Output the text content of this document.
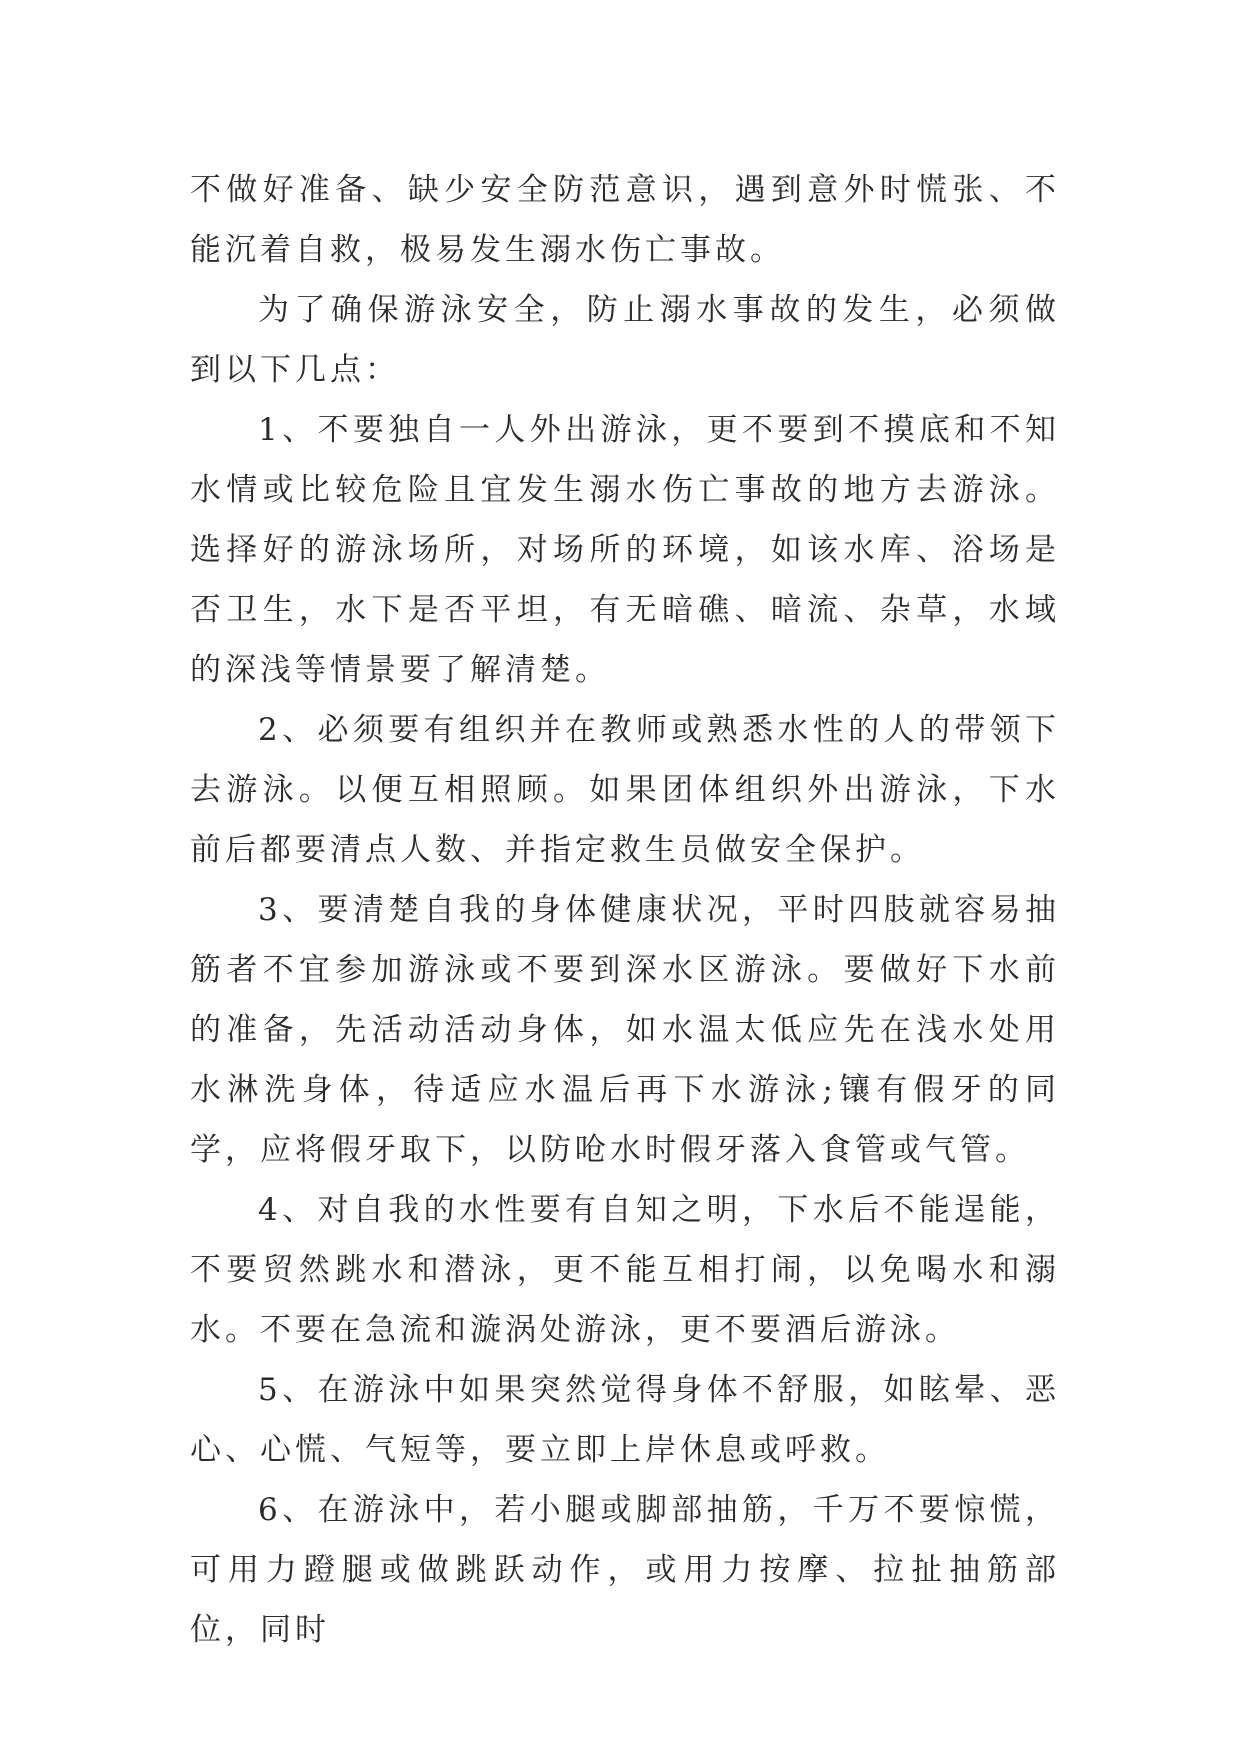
不做好准备、缺少安全防范意识，遇到意外时慌张、不能沉着自救，极易发生溺水伤亡事故。

为了确保游泳安全，防止溺水事故的发生，必须做到以下几点：

1、不要独自一人外出游泳，更不要到不摸底和不知水情或比较危险且宜发生溺水伤亡事故的地方去游泳。选择好的游泳场所，对场所的环境，如该水库、浴场是否卫生，水下是否平坦，有无暗礁、暗流、杂草，水域的深浅等情景要了解清楚。

2、必须要有组织并在教师或熟悉水性的人的带领下去游泳。以便互相照顾。如果团体组织外出游泳，下水前后都要清点人数、并指定救生员做安全保护。

3、要清楚自我的身体健康状况，平时四肢就容易抽筋者不宜参加游泳或不要到深水区游泳。要做好下水前的准备，先活动活动身体，如水温太低应先在浅水处用水淋洗身体，待适应水温后再下水游泳;镶有假牙的同学，应将假牙取下，以防呛水时假牙落入食管或气管。

4、对自我的水性要有自知之明，下水后不能逞能，不要贸然跳水和潜泳，更不能互相打闹，以免喝水和溺水。不要在急流和漩涡处游泳，更不要酒后游泳。

5、在游泳中如果突然觉得身体不舒服，如眩晕、恶心、心慌、气短等，要立即上岸休息或呼救。

6、在游泳中，若小腿或脚部抽筋，千万不要惊慌，可用力蹬腿或做跳跃动作，或用力按摩、拉扯抽筋部位，同时
